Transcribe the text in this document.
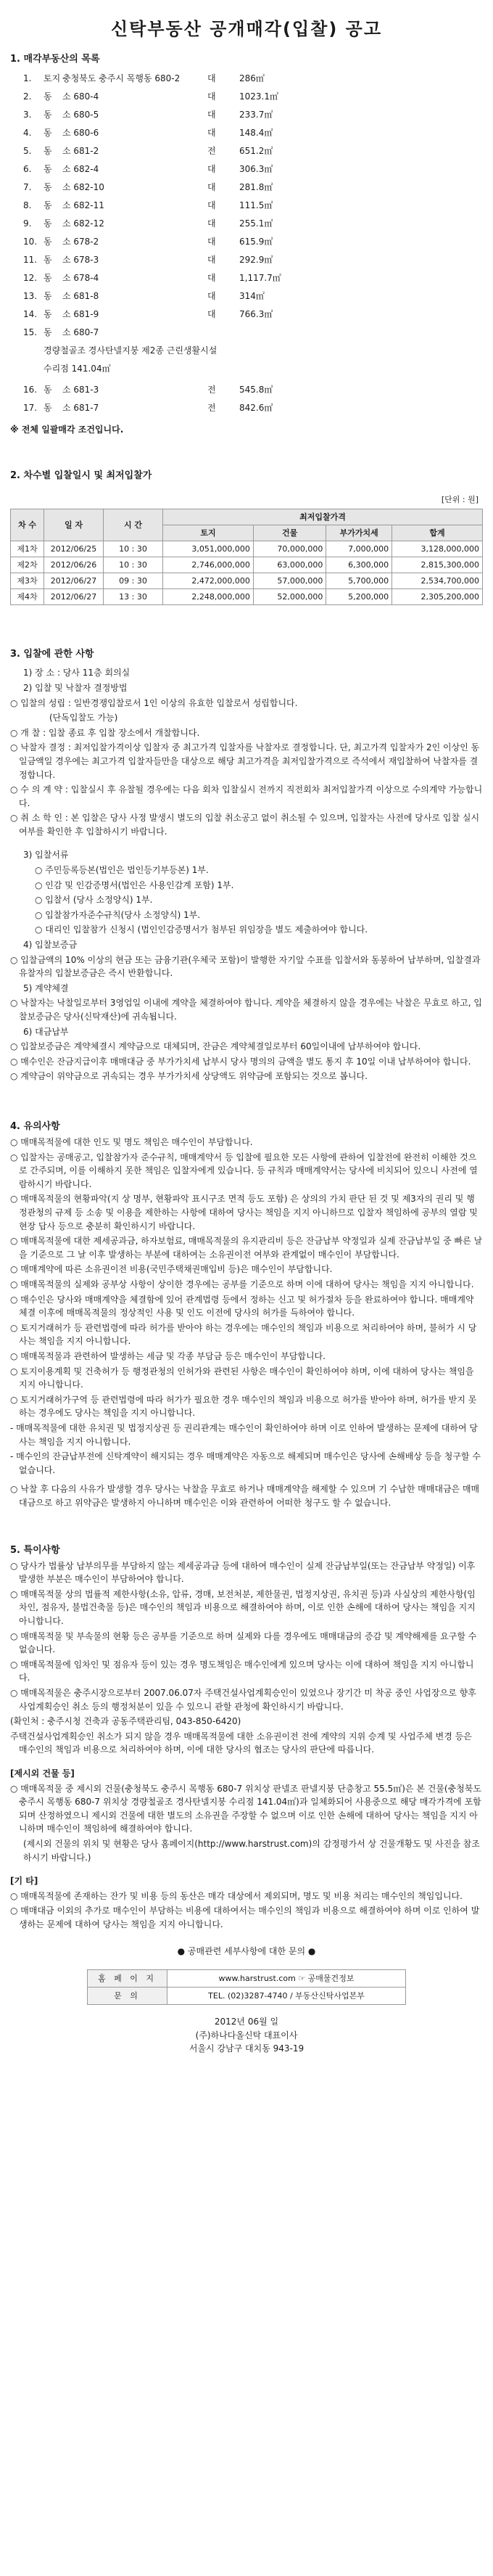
신탁부동산 공개매각(입찰) 공고
1. 매각부동산의 목록
1.	토지 충청북도 충주시 목행동 680-2	대	286㎡
2.	동	소 680-4	대	1023.1㎡
3.	동	소 680-5	대	233.7㎡
4.	동	소 680-6	대	148.4㎡
5.	동	소 681-2	전	651.2㎡
6.	동	소 682-4	대	306.3㎡
7.	동	소 682-10	대	281.8㎡
8.	동	소 682-11	대	111.5㎡
9.	동	소 682-12	대	255.1㎡
10. 동	소 678-2	대	615.9㎡
11. 동	소 678-3	대	292.9㎡
12. 동	소 678-4	대	1,117.7㎡
13. 동	소 681-8	대	314㎡
14. 동	소 681-9	대	766.3㎡
15. 동	소 680-7
경량철골조 경사탄넬지붕 제2종 근린생활시설
수리점 141.04㎡
16. 동	소 681-3	전	545.8㎡
17. 동	소 681-7	전	842.6㎡
※ 전체 일괄매각 조건입니다.
2. 차수별 입찰일시 및 최저입찰가
[단위 : 원]
차 수	일 자	시 간	최저입찰가격			
			토지	건물	부가가치세	합계
제1차	2012/06/25	10 : 30	3,051,000,000	70,000,000	7,000,000	3,128,000,000
제2차	2012/06/26	10 : 30	2,746,000,000	63,000,000	6,300,000	2,815,300,000
제3차	2012/06/27	09 : 30	2,472,000,000	57,000,000	5,700,000	2,534,700,000
제4차	2012/06/27	13 : 30	2,248,000,000	52,000,000	5,200,000	2,305,200,000
3. 입찰에 관한 사항
1) 장 소 : 당사 11층 회의실
2) 입찰 및 낙찰자 결정방법
○ 입찰의 성립 : 일반경쟁입찰로서 1인 이상의 유효한 입찰로서 성립합니다.
(단독입찰도 가능)
○ 개 찰 : 입찰 종료 후 입찰 장소에서 개찰합니다.
○ 낙찰자 결정 : 최저입찰가격이상 입찰자 중 최고가격 입찰자를 낙찰자로 결정합니다. 단, 최고가격 입찰자가 2인 이상인 동일금액일 경우에는 최고가격 입찰자들만을 대상으로 해당 최고가격을 최저입찰가격으로 즉석에서 재입찰하여 낙찰자를 결정합니다.
○ 수 의 계 약 : 입찰실시 후 유찰될 경우에는 다음 회차 입찰실시 전까지 직전회차 최저입찰가격 이상으로 수의계약 가능합니다.
○ 취 소 학 인 : 본 입찰은 당사 사정 발생시 별도의 입찰 취소공고 없이 취소될 수 있으며, 입찰자는 사전에 당사로 입찰 실시 여부를 확인한 후 입찰하시기 바랍니다.
3) 입찰서류
○ 주민등록등본(법인은 법인등기부등본) 1부.
○ 인감 및 인감증명서(법인은 사용인감계 포함) 1부.
○ 입찰서 (당사 소정양식) 1부.
○ 입찰참가자준수규칙(당사 소정양식) 1부.
○ 대리인 입찰참가 신청시 (법인인감증명서가 첨부된 위임장을 별도 제출하여야 합니다.
4) 입찰보증금
○ 입찰금액의 10% 이상의 현금 또는 금융기관(우체국 포함)이 발행한 자기앞 수표를 입찰서와 동봉하여 납부하며, 입찰결과 유찰자의 입찰보증금은 즉시 반환합니다.
5) 계약체결
○ 낙찰자는 낙찰일로부터 3영업일 이내에 계약을 체결하여야 합니다. 계약을 체결하지 않을 경우에는 낙찰은 무효로 하고, 입찰보증금은 당사(신탁재산)에 귀속됩니다.
6) 대금납부
○ 입찰보증금은 계약체결시 계약금으로 대체되며, 잔금은 계약체결일로부터 60일이내에 납부하여야 합니다.
○ 매수인은 잔금지급이후 매매대금 중 부가가치세 납부시 당사 명의의 금액을 별도 통지 후 10일 이내 납부하여야 합니다.
○ 계약금이 위약금으로 귀속되는 경우 부가가치세 상당액도 위약금에 포함되는 것으로 봅니다.
4. 유의사항
○ 매매목적물에 대한 인도 및 명도 책임은 매수인이 부담합니다.
○ 입찰자는 공매공고, 입찰참가자 준수규칙, 매매계약서 등 입찰에 필요한 모든 사항에 관하여 입찰전에 완전히 이해한 것으로 간주되며, 이를 이해하지 못한 책임은 입찰자에게 있습니다. 등 규칙과 매매계약서는 당사에 비치되어 있으니 사전에 열람하시기 바랍니다.
○ 매매목적물의 현황파악(지 상 명부, 현황파악 표시구조 면적 등도 포함) 은 상의의 가치 판단 된 것 및 제3자의 권리 및 행정관청의 규제 등 소송 및 이용을 제한하는 사항에 대하여 당사는 책임을 지지 아니하므로 입찰자 책임하에 공부의 열람 및 현장 답사 등으로 충분히 확인하시기 바랍니다.
○ 매매목적물에 대한 제세공과금, 하자보험료, 매매목적물의 유지관리비 등은 잔금납부 약정일과 실제 잔금납부일 중 빠른 날을 기준으로 그 날 이후 발생하는 부분에 대하여는 소유권이전 여부와 관계없이 매수인이 부담합니다.
○ 매매계약에 따른 소유권이전 비용(국민주택채권매입비 등)은 매수인이 부담합니다.
○ 매매목적물의 실제와 공부상 사항이 상이한 경우에는 공부를 기준으로 하며 이에 대하여 당사는 책임을 지지 아니합니다.
○ 매수인은 당사와 매매계약을 체결함에 있어 관계법령 등에서 정하는 신고 및 허가절차 등을 완료하여야 합니다. 매매계약 체결 이후에 매매목적물의 정상적인 사용 및 인도 이전에 당사의 허가를 득하여야 합니다.
○ 토지거래허가 등 관련법령에 따라 허가를 받아야 하는 경우에는 매수인의 책임과 비용으로 처리하여야 하며, 불허가 시 당사는 책임을 지지 아니합니다.
○ 매매목적물과 관련하여 발생하는 세금 및 각종 부담금 등은 매수인이 부담합니다.
○ 토지이용계획 및 건축허가 등 행정관청의 인허가와 관련된 사항은 매수인이 확인하여야 하며, 이에 대하여 당사는 책임을 지지 아니합니다.
○ 토지거래허가구역 등 관련법령에 따라 허가가 필요한 경우 매수인의 책임과 비용으로 허가를 받아야 하며, 허가를 받지 못하는 경우에도 당사는 책임을 지지 아니합니다.
- 매매목적물에 대한 유치권 및 법정지상권 등 권리관계는 매수인이 확인하여야 하며 이로 인하여 발생하는 문제에 대하여 당사는 책임을 지지 아니합니다.
- 매수인의 잔금납부전에 신탁계약이 해지되는 경우 매매계약은 자동으로 해제되며 매수인은 당사에 손해배상 등을 청구할 수 없습니다.
○ 낙찰 후 다음의 사유가 발생할 경우 당사는 낙찰을 무효로 하거나 매매계약을 해제할 수 있으며 기 수납한 매매대금은 매매대금으로 하고 위약금은 발생하지 아니하며 매수인은 이와 관련하여 어떠한 청구도 할 수 없습니다.
5. 특이사항
○ 당사가 법률상 납부의무를 부담하지 않는 제세공과금 등에 대하여 매수인이 실제 잔금납부일(또는 잔금납부 약정일) 이후 발생한 부분은 매수인이 부담하여야 합니다.
○ 매매목적물 상의 법률적 제한사항(소유, 압류, 경매, 보전처분, 제한물권, 법정지상권, 유치권 등)과 사실상의 제한사항(임차인, 점유자, 불법건축물 등)은 매수인의 책임과 비용으로 해결하여야 하며, 이로 인한 손해에 대하여 당사는 책임을 지지 아니합니다.
○ 매매목적물 및 부속물의 현황 등은 공부를 기준으로 하며 실제와 다를 경우에도 매매대금의 증감 및 계약해제를 요구할 수 없습니다.
○ 매매목적물에 임차인 및 점유자 등이 있는 경우 명도책임은 매수인에게 있으며 당사는 이에 대하여 책임을 지지 아니합니다.
○ 매매목적물은 충주시장으로부터 2007.06.07자 주택건설사업계획승인이 있었으나 장기간 미 착공 중인 사업장으로 향후 사업계획승인 취소 등의 행정처분이 있을 수 있으니 관할 관청에 확인하시기 바랍니다.
(확인처 : 충주시청 건축과 공동주택관리팀, 043-850-6420)
주택건설사업계획승인 취소가 되지 않을 경우 매매목적물에 대한 소유권이전 전에 계약의 지위 승계 및 사업주체 변경 등은 매수인의 책임과 비용으로 처리하여야 하며, 이에 대한 당사의 협조는 당사의 판단에 따릅니다.
[제시외 건물 등]
○ 매매목적물 중 제시외 건물(충청북도 충주시 목행동 680-7 위치상 판넬조 판넬지붕 단층창고 55.5㎡)은 본 건물(충청북도 충주시 목행동 680-7 위치상 경량철골조 경사탄넬지붕 수리점 141.04㎡)과 일체화되어 사용중으로 해당 매각가격에 포함되며 산정하였으니 제시외 건물에 대한 별도의 소유권을 주장할 수 없으며 이로 인한 손해에 대하여 당사는 책임을 지지 아니하며 매수인이 책임하에 해결하여야 합니다.
(제시외 건물의 위치 및 현황은 당사 홈페이지(http://www.harstrust.com)의 감정평가서 상 건물개황도 및 사진을 참조하시기 바랍니다.)
[기 타]
○ 매매목적물에 존재하는 잔가 및 비용 등의 동산은 매각 대상에서 제외되며, 명도 및 비용 처리는 매수인의 책임입니다.
○ 매매대금 이외의 추가로 매수인이 부담하는 비용에 대하여서는 매수인의 책임과 비용으로 해결하여야 하며 이로 인하여 발생하는 문제에 대하여 당사는 책임을 지지 아니합니다.
● 공매관련 세부사항에 대한 문의 ●
홈 페 이 지	www.harstrust.com ☞ 공매물건정보
문 의	TEL. (02)3287-4740 / 부동산신탁사업본부
2012년 06월 일
(주)하나다올신탁 대표이사
서울시 강남구 대치동 943-19
